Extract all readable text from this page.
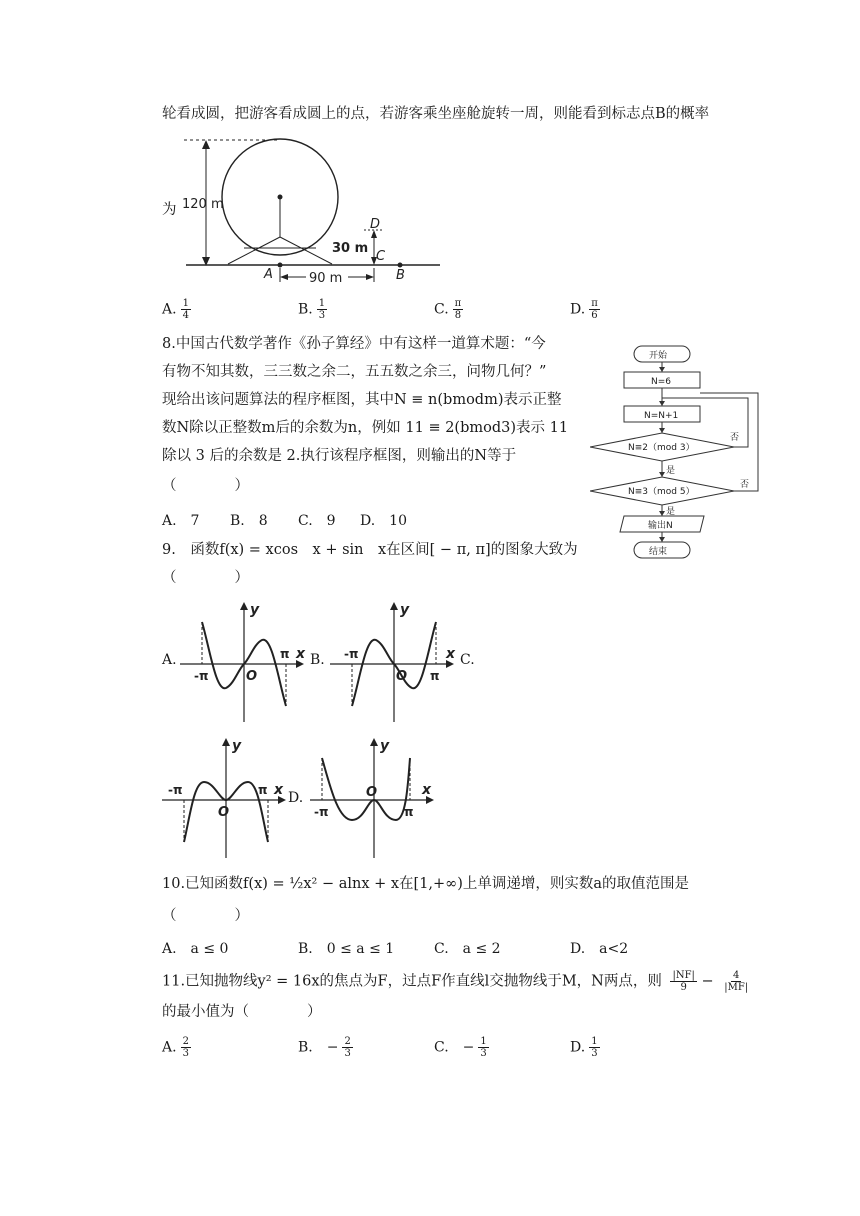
轮看成圆，把游客看成圆上的点，若游客乘坐座舱旋转一周，则能看到标志点B的概率
为 120 m
30 m
90 m
A	B
C
D
A. $\frac{1}{4}$	B. $\frac{1}{3}$	C. $\frac{\pi}{8}$	D. $\frac{\pi}{6}$
8.中国古代数学著作《孙子算经》中有这样一道算术题：“今
有物不知其数，三三数之余二，五五数之余三，问物几何？”
现给出该问题算法的程序框图，其中N ≡ n(bmodm)表示正整
数N除以正整数m后的余数为n，例如 11 ≡ 2(bmod3)表示 11
除以 3 后的余数是 2.执行该程序框图，则输出的N等于
（　　　　）
A.　7 B.　8 C.　9 D.　10
开始
N=6
N=N+1
N≡2（mod 3）
N≡3（mod 5）
是
是
否
否
输出N
结束
9.　函数f(x) = xcos　x + sin　x在区间[ − π, π]的图象大致为
（　　　　）
A.	B.	C.
D.
-π
π
O
x
y
-π
π
O
x
y
-π	π
O
x
y
-π	π
O	x
y
10.已知函数f(x) = ½x² − alnx + x在[1,+∞)上单调递增，则实数a的取值范围是
（　　　　）
A.　a ≤ 0	B.　0 ≤ a ≤ 1	C.　a ≤ 2	D.　a<2
11.已知抛物线y² = 16x的焦点为F，过点F作直线l交抛物线于M，N两点，则 $\frac{|NF|}{9} - \frac{4}{|MF|}$
的最小值为（　　　　）
A. $\frac{2}{3}$	B.　 − $\frac{2}{3}$	C.　 − $\frac{1}{3}$	D. $\frac{1}{3}$
